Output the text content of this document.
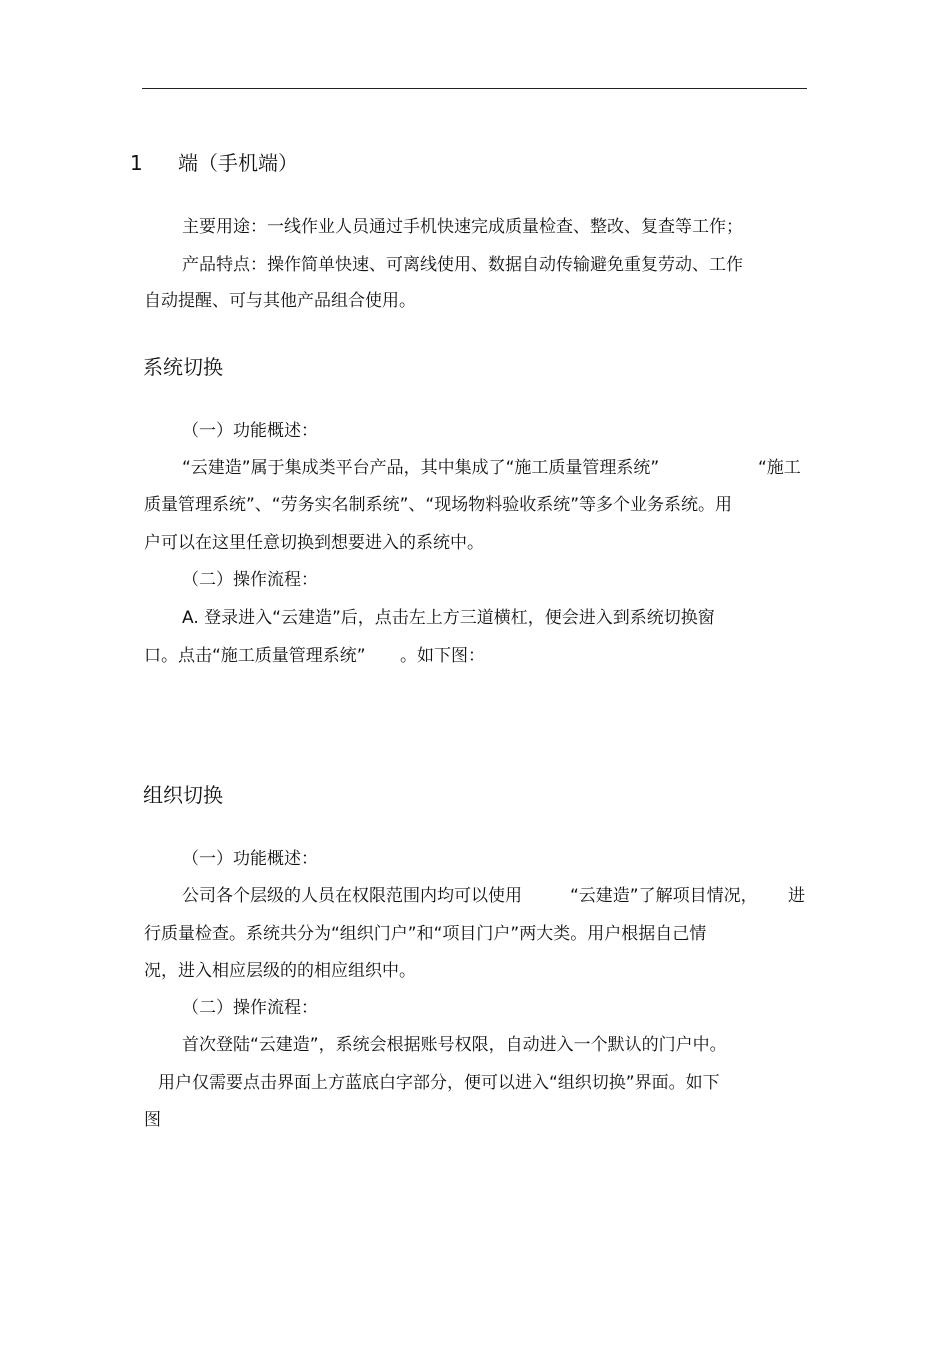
1 端（手机端）
主要用途：一线作业人员通过手机快速完成质量检查、整改、复查等工作；
产品特点：操作简单快速、可离线使用、数据自动传输避免重复劳动、工作
自动提醒、可与其他产品组合使用。
系统切换
（一）功能概述：
“云建造”属于集成类平台产品，其中集成了“施工质量管理系统”	“施工
质量管理系统”、“劳务实名制系统”、“现场物料验收系统”等多个业务系统。用
户可以在这里任意切换到想要进入的系统中。
（二）操作流程：
A. 登录进入“云建造”后，点击左上方三道横杠，便会进入到系统切换窗
口。点击“施工质量管理系统” 。如下图：
组织切换
（一）功能概述：
公司各个层级的人员在权限范围内均可以使用	“云建造”了解项目情况， 进
行质量检查。系统共分为“组织门户”和“项目门户”两大类。用户根据自己情
况，进入相应层级的的相应组织中。
（二）操作流程：
首次登陆“云建造”，系统会根据账号权限，自动进入一个默认的门户中。
用户仅需要点击界面上方蓝底白字部分，便可以进入“组织切换”界面。如下
图
